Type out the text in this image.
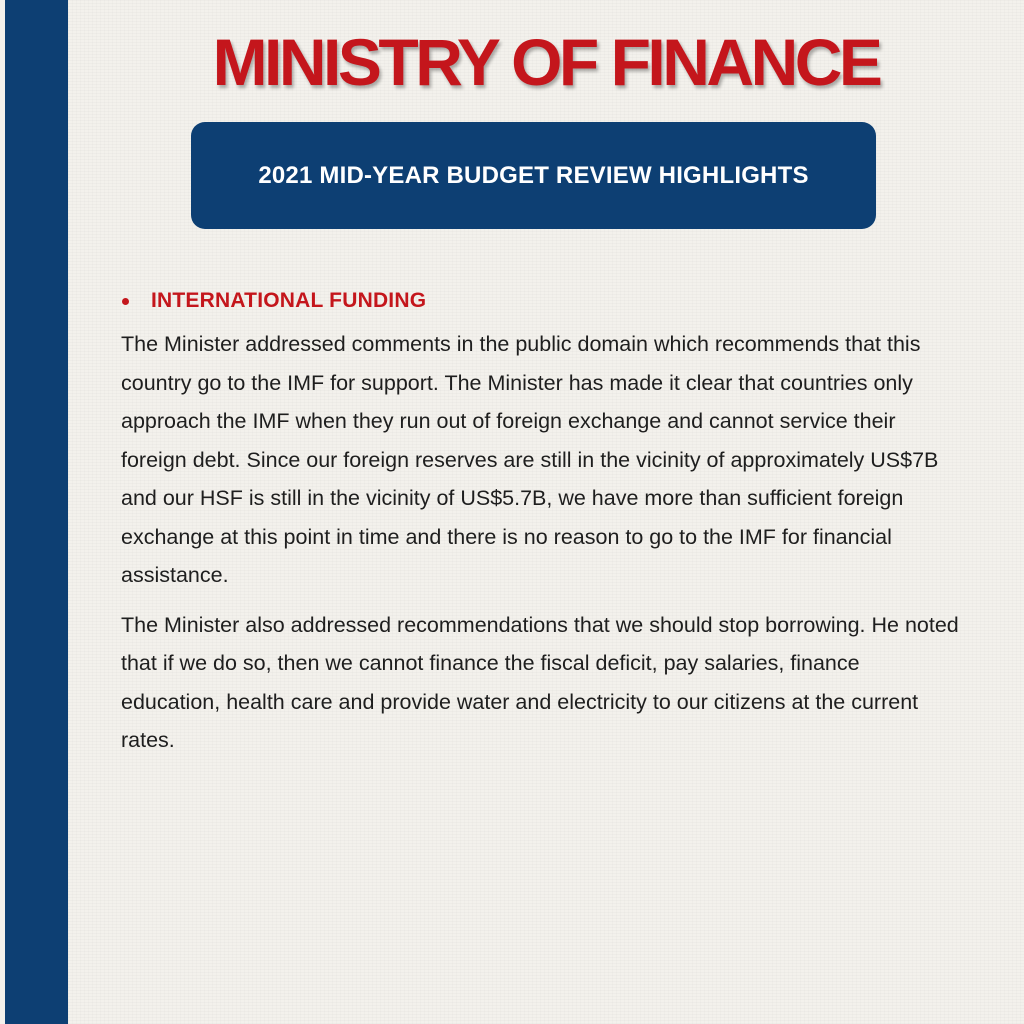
MINISTRY OF FINANCE
2021 MID-YEAR BUDGET REVIEW HIGHLIGHTS
INTERNATIONAL FUNDING

The Minister addressed comments in the public domain which recommends that this country go to the IMF for support. The Minister has made it clear that countries only approach the IMF when they run out of foreign exchange and cannot service their foreign debt. Since our foreign reserves are still in the vicinity of approximately US$7B and our HSF is still in the vicinity of US$5.7B, we have more than sufficient foreign exchange at this point in time and there is no reason to go to the IMF for financial assistance.

The Minister also addressed recommendations that we should stop borrowing. He noted that if we do so, then we cannot finance the fiscal deficit, pay salaries, finance education, health care and provide water and electricity to our citizens at the current rates.
